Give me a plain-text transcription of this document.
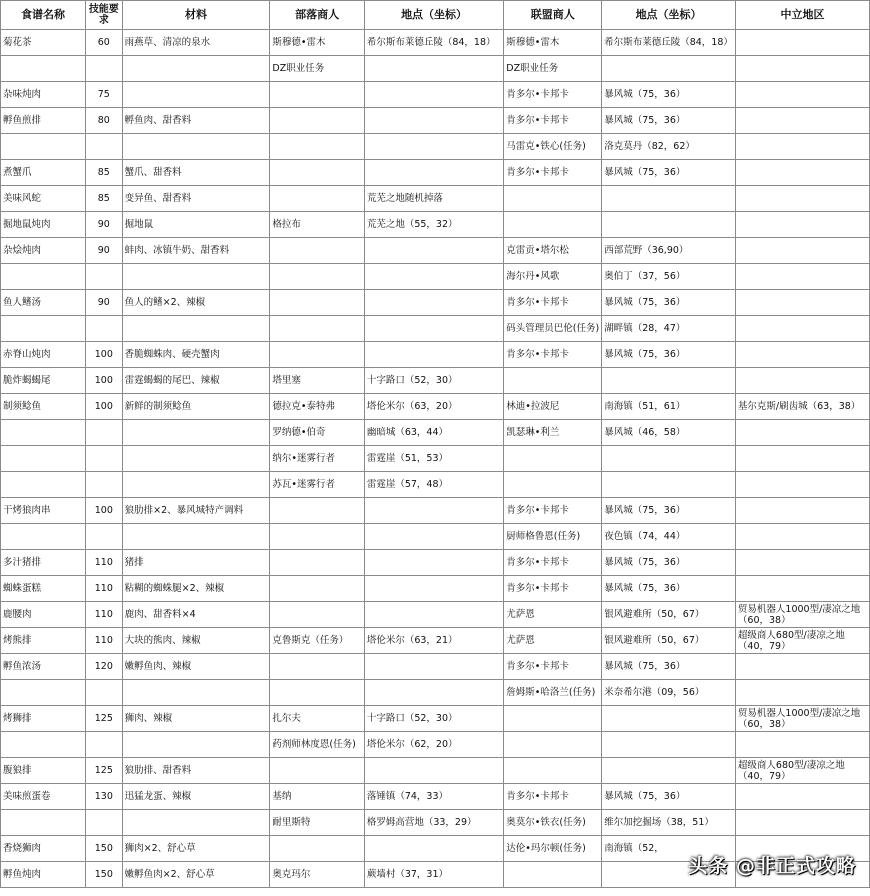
食谱名称	技能要求	材料	部落商人	地点（坐标）	联盟商人	地点（坐标）	中立地区
菊花茶	60	雨燕草、清凉的泉水	斯穆德•雷木	希尔斯布莱德丘陵（84，18）	斯穆德•雷木	希尔斯布莱德丘陵（84，18）	
			DZ职业任务		DZ职业任务		
杂味炖肉	75				肯多尔•卡邦卡	暴风城（75，36）	
孵鱼煎排	80	孵鱼肉、甜香料			肯多尔•卡邦卡	暴风城（75，36）	
					马雷克•铁心(任务)	洛克莫丹（82，62）	
煮蟹爪	85	蟹爪、甜香料			肯多尔•卡邦卡	暴风城（75，36）	
美味风蛇	85	变异鱼、甜香料		荒芜之地随机掉落			
掘地鼠炖肉	90	掘地鼠	格拉布	荒芜之地（55，32）			
杂烩炖肉	90	蚌肉、冰镇牛奶、甜香料			克雷贡•塔尔松	西部荒野（36,90）	
					海尔丹•风歌	奥伯丁（37，56）	
鱼人鳍汤	90	鱼人的鳍×2、辣椒			肯多尔•卡邦卡	暴风城（75，36）	
					码头管理员巴伦(任务)	湖畔镇（28，47）	
赤脊山炖肉	100	香脆蜘蛛肉、硬壳蟹肉			肯多尔•卡邦卡	暴风城（75，36）	
脆炸蝎蝎尾	100	雷霆蝎蝎的尾巴、辣椒	塔里塞	十字路口（52，30）			
制须鲶鱼	100	新鲜的制须鲶鱼	德拉克•泰特弗	塔伦米尔（63，20）	林迪•拉波尼	南海镇（51，61）	基尔克斯/刷齿城（63，38）
			罗纳德•伯奇	幽暗城（63，44）	凯瑟琳•利兰	暴风城（46，58）	
			纳尔•迷雾行者	雷霆崖（51，53）			
			苏瓦•迷雾行者	雷霆崖（57，48）			
干烤狼肉串	100	狼肋排×2、暴风城特产调料			肯多尔•卡邦卡	暴风城（75，36）	
					厨师格鲁恩(任务)	夜色镇（74，44）	
多汁猪排	110	猪排			肯多尔•卡邦卡	暴风城（75，36）	
蜘蛛蛋糕	110	粘糊的蜘蛛腿×2、辣椒			肯多尔•卡邦卡	暴风城（75，36）	
鹿腰肉	110	鹿肉、甜香料×4			尤萨恩	银风避难所（50，67）	贸易机器人1000型/凄凉之地（60，38）
烤熊排	110	大块的熊肉、辣椒	克鲁斯克（任务）	塔伦米尔（63，21）	尤萨恩	银风避难所（50，67）	超级商人680型/凄凉之地（40，79）
孵鱼浓汤	120	嫩孵鱼肉、辣椒			肯多尔•卡邦卡	暴风城（75，36）	
					詹姆斯•哈洛兰(任务)	米奈希尔港（09，56）	
烤狮排	125	狮肉、辣椒	扎尔夫	十字路口（52，30）			贸易机器人1000型/凄凉之地（60，38）
			药剂师林度恩(任务)	塔伦米尔（62，20）			
腹狼排	125	狼肋排、甜香料					超级商人680型/凄凉之地（40，79）
美味煎蛋卷	130	迅猛龙蛋、辣椒	基纳	落锤镇（74，33）	肯多尔•卡邦卡	暴风城（75，36）	
			耐里斯特	格罗姆高营地（33，29）	奥莫尔•铁衣(任务)	维尔加挖掘场（38，51）	
香烧狮肉	150	狮肉×2、舒心草			达伦•玛尔顿(任务)	南海镇（52，	
孵鱼炖肉	150	嫩孵鱼肉×2、舒心草	奥克玛尔	蕨墙村（37，31）				头条 @非正式攻略
